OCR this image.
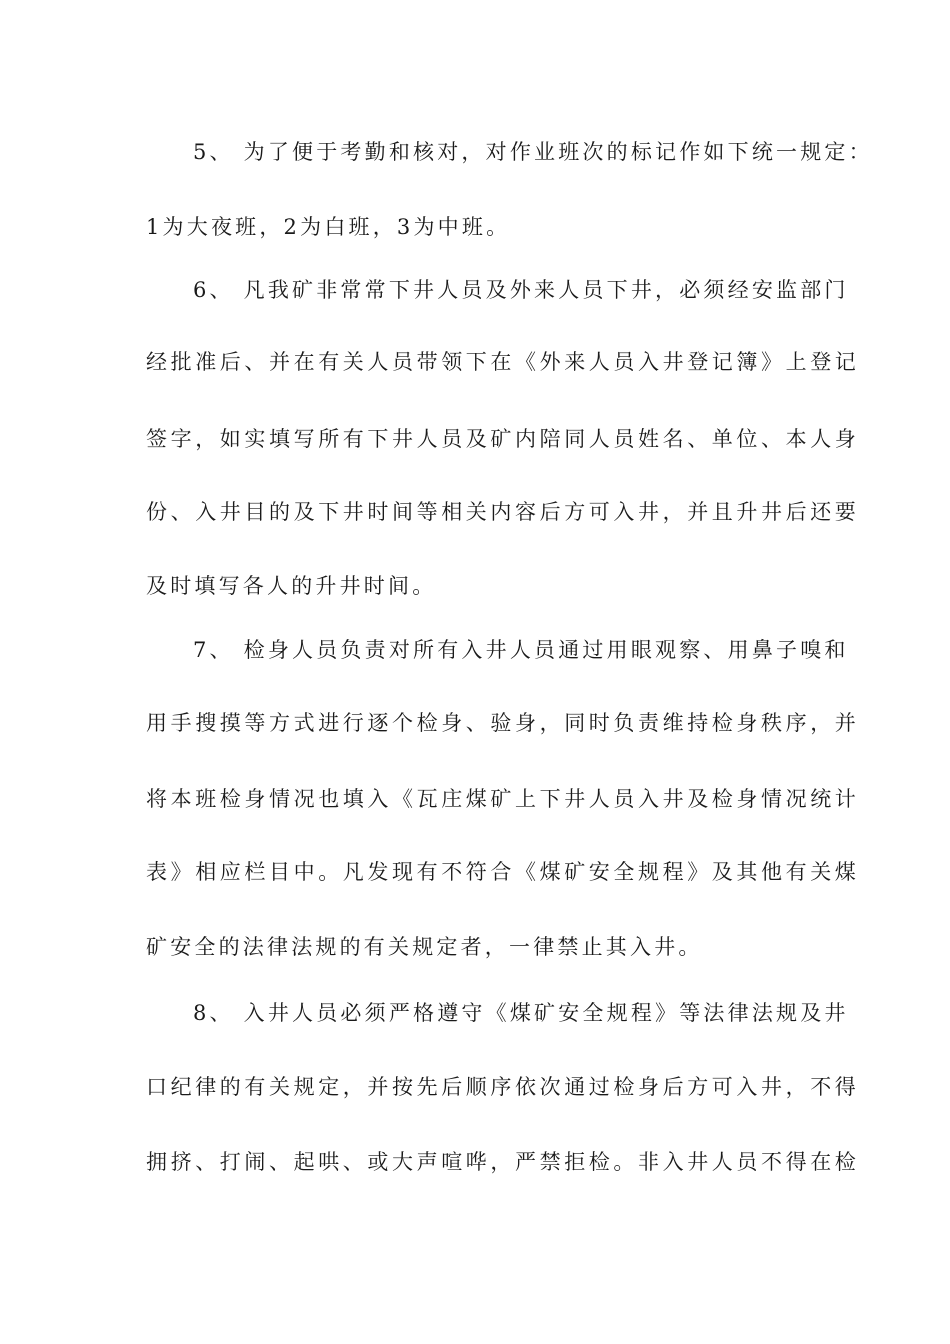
5、 为了便于考勤和核对，对作业班次的标记作如下统一规定：
1为大夜班，2为白班，3为中班。
6、 凡我矿非常常下井人员及外来人员下井，必须经安监部门
经批准后、并在有关人员带领下在《外来人员入井登记簿》上登记
签字，如实填写所有下井人员及矿内陪同人员姓名、单位、本人身
份、入井目的及下井时间等相关内容后方可入井，并且升井后还要
及时填写各人的升井时间。
7、 检身人员负责对所有入井人员通过用眼观察、用鼻子嗅和
用手搜摸等方式进行逐个检身、验身，同时负责维持检身秩序，并
将本班检身情况也填入《瓦庄煤矿上下井人员入井及检身情况统计
表》相应栏目中。凡发现有不符合《煤矿安全规程》及其他有关煤
矿安全的法律法规的有关规定者，一律禁止其入井。
8、 入井人员必须严格遵守《煤矿安全规程》等法律法规及井
口纪律的有关规定，并按先后顺序依次通过检身后方可入井，不得
拥挤、打闹、起哄、或大声喧哗，严禁拒检。非入井人员不得在检
